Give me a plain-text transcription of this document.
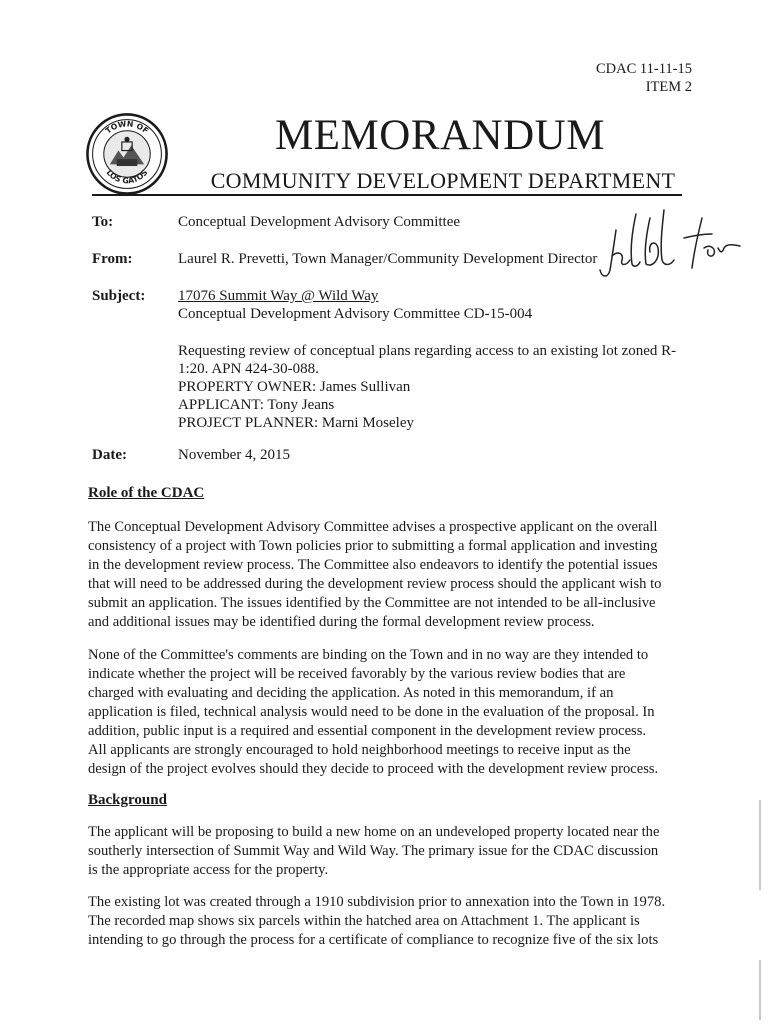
CDAC 11-11-15
ITEM 2
TOWN OF
LOS GATOS
MEMORANDUM
COMMUNITY DEVELOPMENT DEPARTMENT
To:	Conceptual Development Advisory Committee
From:	Laurel R. Prevetti, Town Manager/Community Development Director
Subject: 17076 Summit Way @ Wild Way
Conceptual Development Advisory Committee CD-15-004
Requesting review of conceptual plans regarding access to an existing lot zoned R-
1:20. APN 424-30-088.
PROPERTY OWNER: James Sullivan
APPLICANT: Tony Jeans
PROJECT PLANNER: Marni Moseley
Date:	November 4, 2015
Role of the CDAC
The Conceptual Development Advisory Committee advises a prospective applicant on the overall
consistency of a project with Town policies prior to submitting a formal application and investing
in the development review process. The Committee also endeavors to identify the potential issues
that will need to be addressed during the development review process should the applicant wish to
submit an application. The issues identified by the Committee are not intended to be all-inclusive
and additional issues may be identified during the formal development review process.
None of the Committee's comments are binding on the Town and in no way are they intended to
indicate whether the project will be received favorably by the various review bodies that are
charged with evaluating and deciding the application. As noted in this memorandum, if an
application is filed, technical analysis would need to be done in the evaluation of the proposal. In
addition, public input is a required and essential component in the development review process.
All applicants are strongly encouraged to hold neighborhood meetings to receive input as the
design of the project evolves should they decide to proceed with the development review process.
Background
The applicant will be proposing to build a new home on an undeveloped property located near the
southerly intersection of Summit Way and Wild Way. The primary issue for the CDAC discussion
is the appropriate access for the property.
The existing lot was created through a 1910 subdivision prior to annexation into the Town in 1978.
The recorded map shows six parcels within the hatched area on Attachment 1. The applicant is
intending to go through the process for a certificate of compliance to recognize five of the six lots
